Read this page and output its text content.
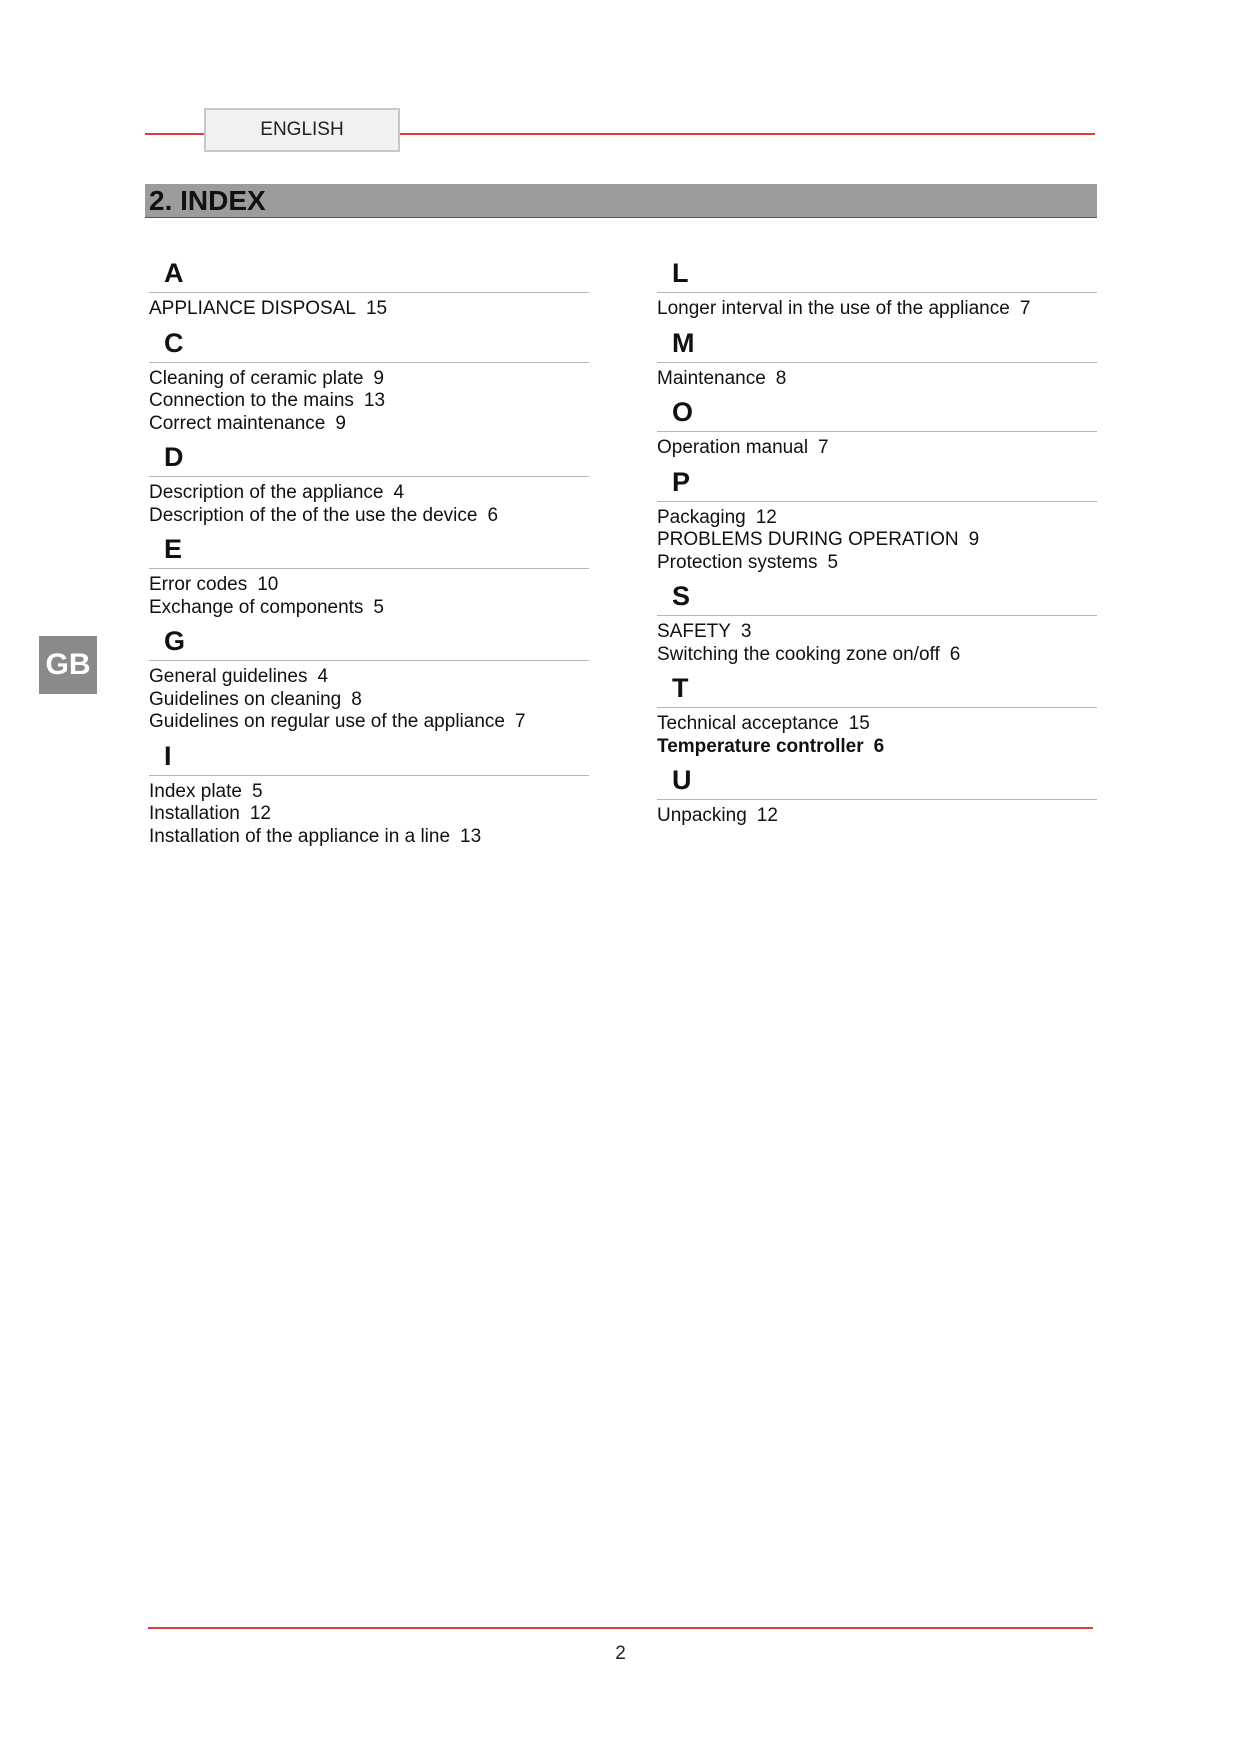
ENGLISH
2. INDEX
GB
A
APPLIANCE DISPOSAL 15
C
Cleaning of ceramic plate 9
Connection to the mains 13
Correct maintenance 9
D
Description of the appliance 4
Description of the of the use the device 6
E
Error codes 10
Exchange of components 5
G
General guidelines 4
Guidelines on cleaning 8
Guidelines on regular use of the appliance 7
I
Index plate 5
Installation 12
Installation of the appliance in a line 13
L
Longer interval in the use of the appliance 7
M
Maintenance 8
O
Operation manual 7
P
Packaging 12
PROBLEMS DURING OPERATION 9
Protection systems 5
S
SAFETY 3
Switching the cooking zone on/off 6
T
Technical acceptance 15
Temperature controller 6
U
Unpacking 12
2
